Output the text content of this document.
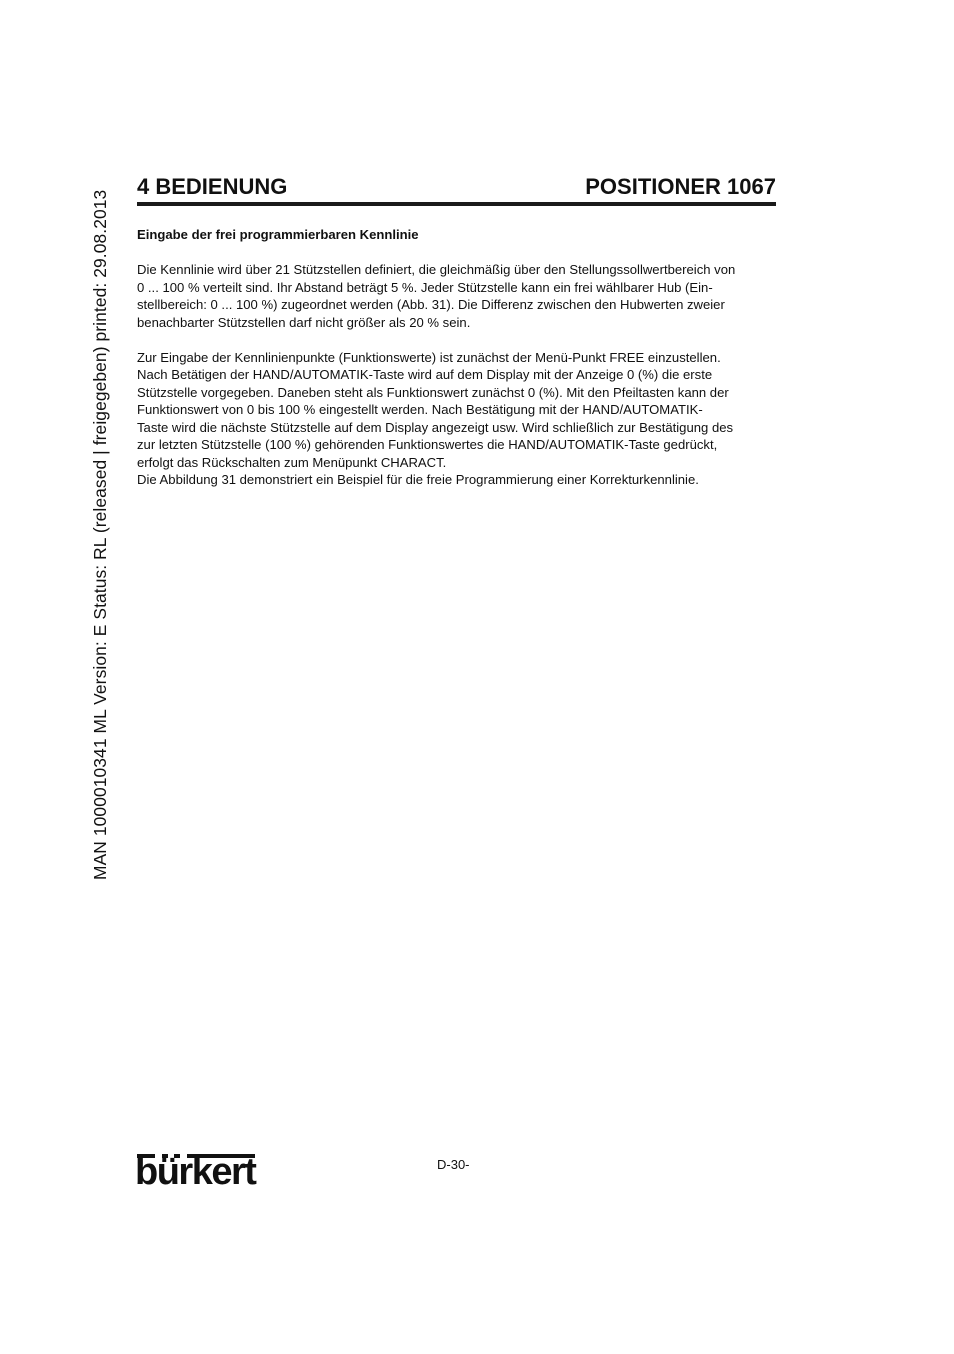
MAN 1000010341 ML Version: E Status: RL (released | freigegeben) printed: 29.08.2013
4 BEDIENUNG	POSITIONER 1067
Eingabe der frei programmierbaren Kennlinie
Die Kennlinie wird über 21 Stützstellen definiert, die gleichmäßig über den Stellungssollwertbereich von
0 ... 100 % verteilt sind. Ihr Abstand beträgt 5 %. Jeder Stützstelle kann ein frei wählbarer Hub (Ein-
stellbereich: 0 ... 100 %) zugeordnet werden (Abb. 31). Die Differenz zwischen den Hubwerten zweier
benachbarter Stützstellen darf nicht größer als 20 % sein.
Zur Eingabe der Kennlinienpunkte (Funktionswerte) ist zunächst der Menü-Punkt FREE einzustellen.
Nach Betätigen der HAND/AUTOMATIK-Taste wird auf dem Display mit der Anzeige 0 (%) die erste
Stützstelle vorgegeben. Daneben steht als Funktionswert zunächst 0 (%). Mit den Pfeiltasten kann der
Funktionswert von 0 bis 100 % eingestellt werden. Nach Bestätigung mit der HAND/AUTOMATIK-
Taste wird die nächste Stützstelle auf dem Display angezeigt usw. Wird schließlich zur Bestätigung des
zur letzten Stützstelle (100 %) gehörenden Funktionswertes die HAND/AUTOMATIK-Taste gedrückt,
erfolgt das Rückschalten zum Menüpunkt CHARACT.
Die Abbildung 31 demonstriert ein Beispiel für die freie Programmierung einer Korrekturkennlinie.
bürkert	D-30-
